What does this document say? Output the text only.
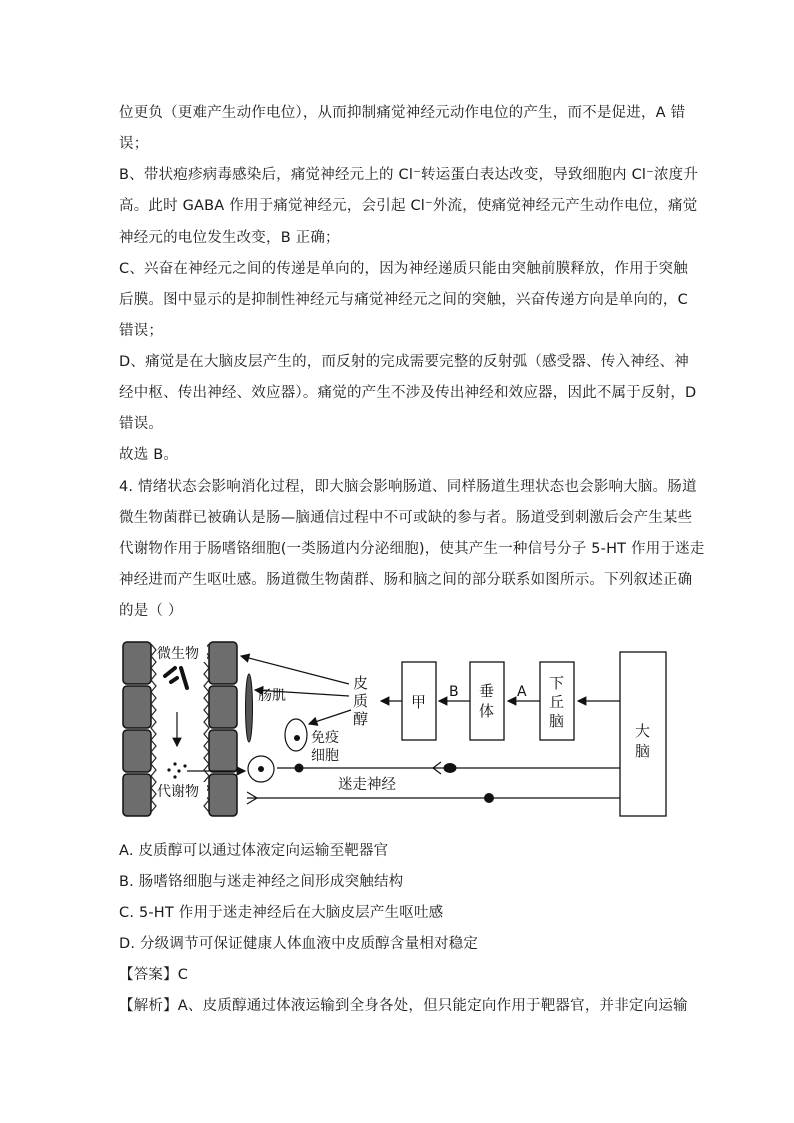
位更负（更难产生动作电位），从而抑制痛觉神经元动作电位的产生，而不是促进，A 错
误；
B、带状疱疹病毒感染后，痛觉神经元上的 Cl⁻转运蛋白表达改变，导致细胞内 Cl⁻浓度升
高。此时 GABA 作用于痛觉神经元，会引起 Cl⁻外流，使痛觉神经元产生动作电位，痛觉
神经元的电位发生改变，B 正确；
C、兴奋在神经元之间的传递是单向的，因为神经递质只能由突触前膜释放，作用于突触
后膜。图中显示的是抑制性神经元与痛觉神经元之间的突触，兴奋传递方向是单向的，C
错误；
D、痛觉是在大脑皮层产生的，而反射的完成需要完整的反射弧（感受器、传入神经、神
经中枢、传出神经、效应器）。痛觉的产生不涉及传出神经和效应器，因此不属于反射，D
错误。
故选 B。
4. 情绪状态会影响消化过程，即大脑会影响肠道、同样肠道生理状态也会影响大脑。肠道
微生物菌群已被确认是肠—脑通信过程中不可或缺的参与者。肠道受到刺激后会产生某些
代谢物作用于肠嗜铬细胞(一类肠道内分泌细胞)，使其产生一种信号分子 5-HT 作用于迷走
神经进而产生呕吐感。肠道微生物菌群、肠和脑之间的部分联系如图所示。下列叙述正确
的是（ ）
微生物
代谢物
肠肌
免疫
细胞
皮
质
醇
甲
垂
体
B	下
丘
脑
A
大
脑
迷走神经
A. 皮质醇可以通过体液定向运输至靶器官
B. 肠嗜铬细胞与迷走神经之间形成突触结构
C. 5-HT 作用于迷走神经后在大脑皮层产生呕吐感
D. 分级调节可保证健康人体血液中皮质醇含量相对稳定
【答案】C
【解析】A、皮质醇通过体液运输到全身各处，但只能定向作用于靶器官，并非定向运输
